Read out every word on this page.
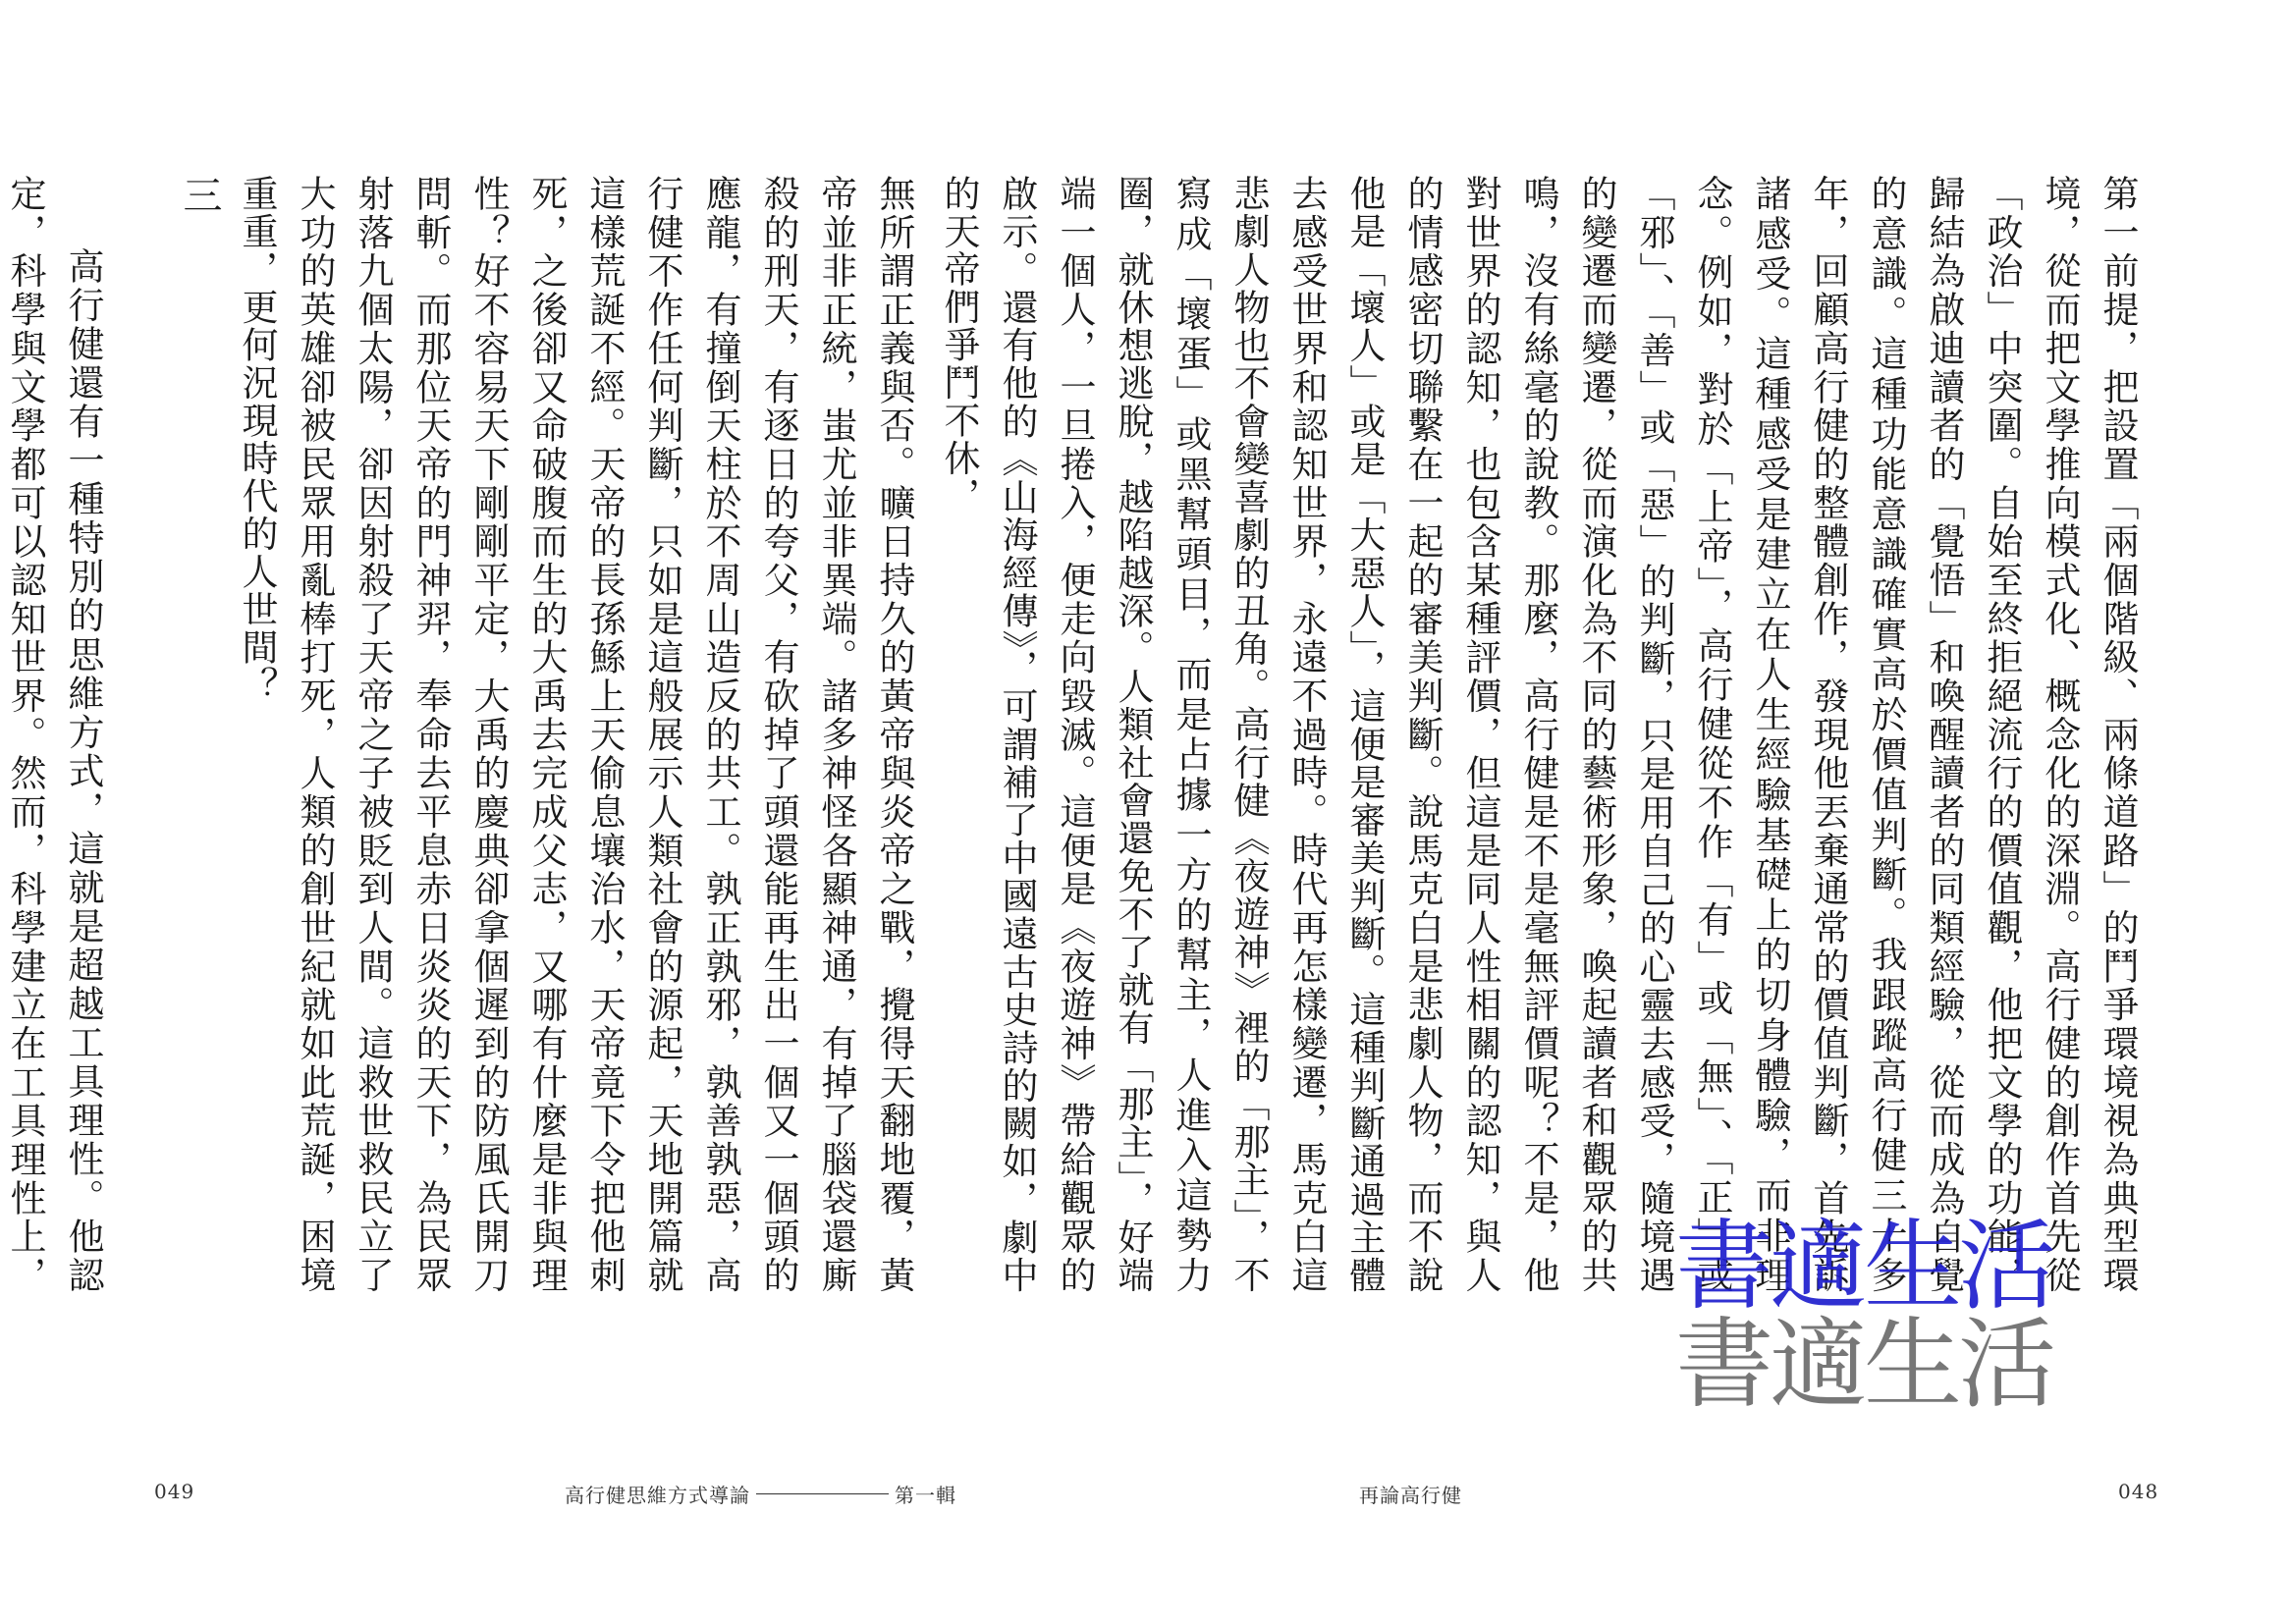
無所謂正義與否。曠日持久的黃帝與炎帝之戰，攪得天翻地覆，黃帝並非正統，蚩尤並非異端。諸多神怪各顯神通，有掉了腦袋還廝殺的刑天，有逐日的夸父，有砍掉了頭還能再生出一個又一個頭的應龍，有撞倒天柱於不周山造反的共工。孰正孰邪，孰善孰惡，高行健不作任何判斷，只如是這般展示人類社會的源起，天地開篇就這樣荒誕不經。天帝的長孫鯀上天偷息壤治水，天帝竟下令把他刺死，之後卻又命破腹而生的大禹去完成父志，又哪有什麼是非與理性？好不容易天下剛剛平定，大禹的慶典卻拿個遲到的防風氏開刀問斬。而那位天帝的門神羿，奉命去平息赤日炎炎的天下，為民眾射落九個太陽，卻因射殺了天帝之子被貶到人間。這救世救民立了大功的英雄卻被民眾用亂棒打死，人類的創世紀就如此荒誕，困境重重，更何況現時代的人世間？

三

高行健還有一種特別的思維方式，這就是超越工具理性。他認定，科學與文學都可以認知世界。然而，科學建立在工具理性上，

049	高行健思維方式導論	第一輯

第一前提，把設置「兩個階級、兩條道路」的鬥爭環境視為典型環境，從而把文學推向模式化、概念化的深淵。高行健的創作首先從「政治」中突圍。自始至終拒絕流行的價值觀，他把文學的功能，歸結為啟迪讀者的「覺悟」和喚醒讀者的同類經驗，從而成為自覺的意識。這種功能意識確實高於價值判斷。我跟蹤高行健三十多年，回顧高行健的整體創作，發現他丟棄通常的價值判斷，首先訴諸感受。這種感受是建立在人生經驗基礎上的切身體驗，而非理念。例如，對於「上帝」，高行健從不作「有」或「無」、「正」或「邪」、「善」或「惡」的判斷，只是用自己的心靈去感受，隨境遇的變遷而變遷，從而演化為不同的藝術形象，喚起讀者和觀眾的共鳴，沒有絲毫的說教。那麼，高行健是不是毫無評價呢？不是，他對世界的認知，也包含某種評價，但這是同人性相關的認知，與人的情感密切聯繫在一起的審美判斷。說馬克白是悲劇人物，而不說他是「壞人」或是「大惡人」，這便是審美判斷。這種判斷通過主體去感受世界和認知世界，永遠不過時。時代再怎樣變遷，馬克白這悲劇人物也不會變喜劇的丑角。高行健《夜遊神》裡的「那主」，不寫成「壞蛋」或黑幫頭目，而是占據一方的幫主，人進入這勢力圈，就休想逃脫，越陷越深。人類社會還免不了就有「那主」，好端端一個人，一旦捲入，便走向毀滅。這便是《夜遊神》帶給觀眾的啟示。還有他的《山海經傳》，可謂補了中國遠古史詩的闕如，劇中的天帝們爭鬥不休，

書適生活
書適生活
再論高行健	048
